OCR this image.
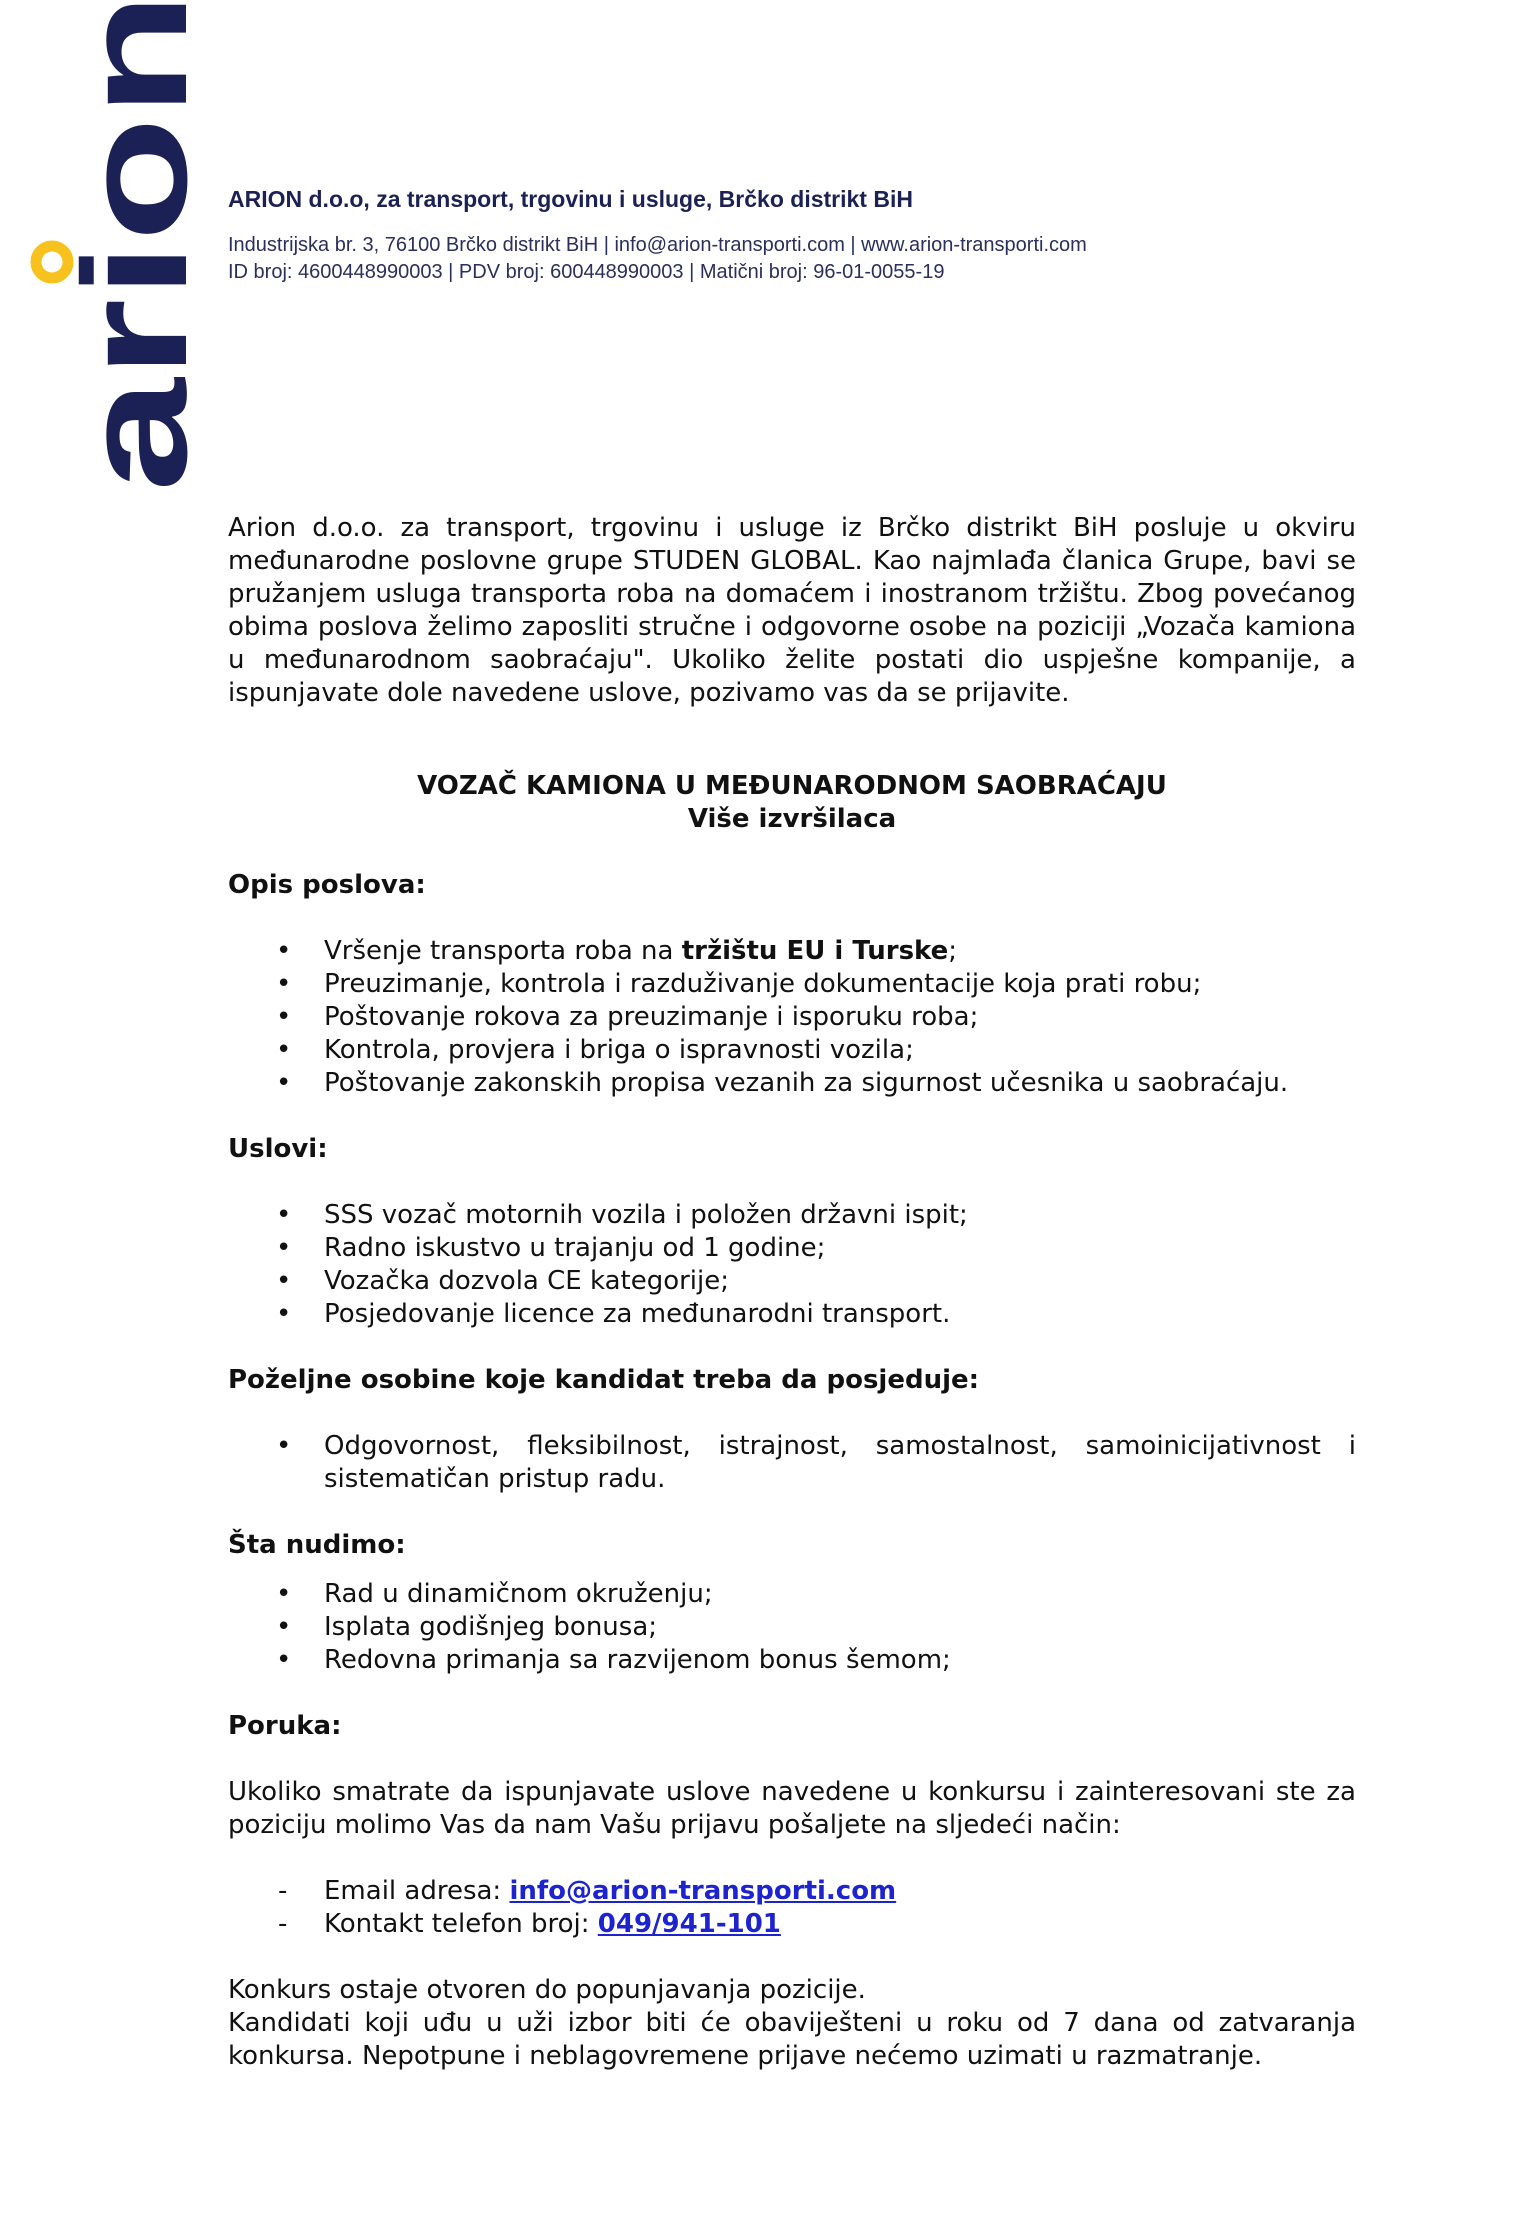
arion ARION d.o.o, za transport, trgovinu i usluge, Brčko distrikt BiH
Industrijska br. 3, 76100 Brčko distrikt BiH | info@arion-transporti.com | www.arion-transporti.com
ID broj: 4600448990003 | PDV broj: 600448990003 | Matični broj: 96-01-0055-19

Arion d.o.o. za transport, trgovinu i usluge iz Brčko distrikt BiH posluje u okviru međunarodne poslovne grupe STUDEN GLOBAL. Kao najmlađa članica Grupe, bavi se pružanjem usluga transporta roba na domaćem i inostranom tržištu. Zbog povećanog obima poslova želimo zaposliti stručne i odgovorne osobe na poziciji „Vozača kamiona u međunarodnom saobraćaju". Ukoliko želite postati dio uspješne kompanije, a ispunjavate dole navedene uslove, pozivamo vas da se prijavite.

VOZAČ KAMIONA U MEĐUNARODNOM SAOBRAĆAJU
Više izvršilaca
Opis poslova:
• Vršenje transporta roba na tržištu EU i Turske;
• Preuzimanje, kontrola i razduživanje dokumentacije koja prati robu;
• Poštovanje rokova za preuzimanje i isporuku roba;
• Kontrola, provjera i briga o ispravnosti vozila;
• Poštovanje zakonskih propisa vezanih za sigurnost učesnika u saobraćaju.
Uslovi:
• SSS vozač motornih vozila i položen državni ispit;
• Radno iskustvo u trajanju od 1 godine;
• Vozačka dozvola CE kategorije;
• Posjedovanje licence za međunarodni transport.
Poželjne osobine koje kandidat treba da posjeduje:
• Odgovornost, fleksibilnost, istrajnost, samostalnost, samoinicijativnost i sistematičan pristup radu.
Šta nudimo:
• Rad u dinamičnom okruženju;
• Isplata godišnjeg bonusa;
• Redovna primanja sa razvijenom bonus šemom;
Poruka:

Ukoliko smatrate da ispunjavate uslove navedene u konkursu i zainteresovani ste za poziciju molimo Vas da nam Vašu prijavu pošaljete na sljedeći način:

- Email adresa: info@arion-transporti.com
- Kontakt telefon broj: 049/941-101

Konkurs ostaje otvoren do popunjavanja pozicije.

Kandidati koji uđu u uži izbor biti će obaviješteni u roku od 7 dana od zatvaranja konkursa. Nepotpune i neblagovremene prijave nećemo uzimati u razmatranje.
